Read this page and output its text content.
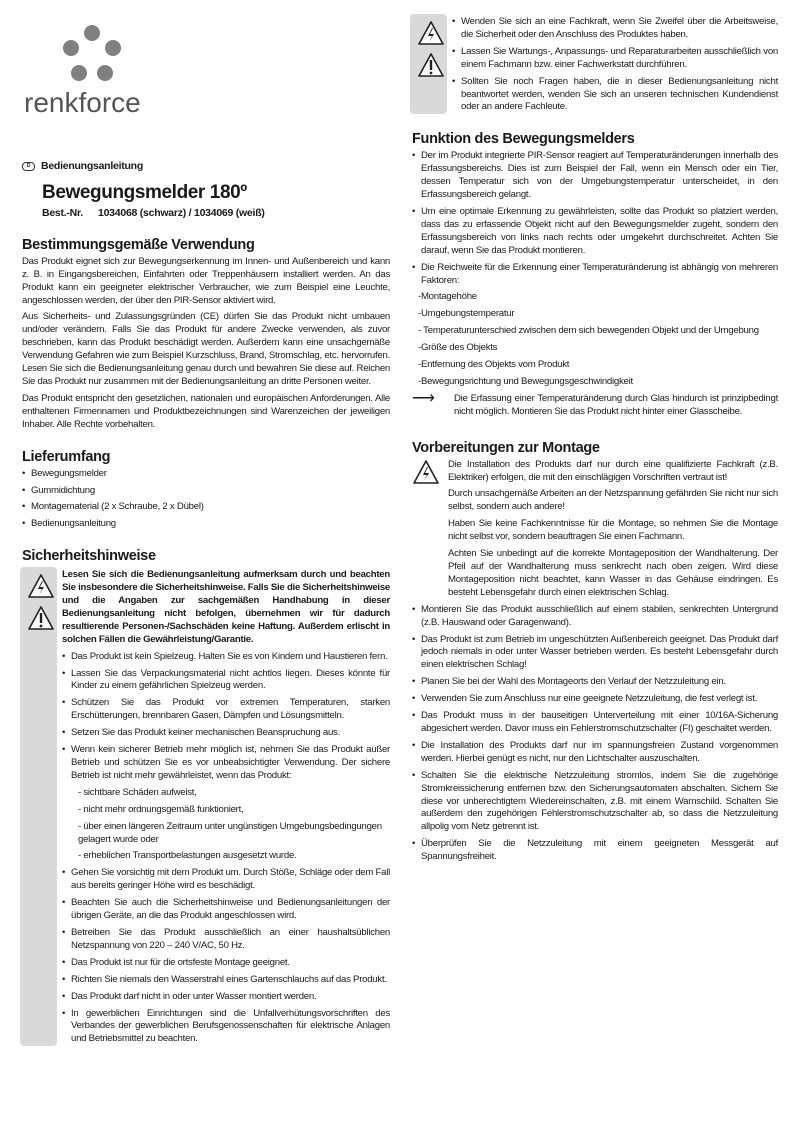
renkforce
D	Bedienungsanleitung
Bewegungsmelder 180º
Best.-Nr. 1034068 (schwarz) / 1034069 (weiß)
Bestimmungsgemäße Verwendung

Das Produkt eignet sich zur Bewegungserkennung im Innen- und Außenbereich und kann z. B. in Eingangsbereichen, Einfahrten oder Treppenhäusern installiert werden. An das Produkt kann ein geeigneter elektrischer Verbraucher, wie zum Beispiel eine Leuchte, angeschlossen werden, der über den PIR-Sensor aktiviert wird.

Aus Sicherheits- und Zulassungsgründen (CE) dürfen Sie das Produkt nicht umbauen und/oder verändern. Falls Sie das Produkt für andere Zwecke verwenden, als zuvor beschrieben, kann das Produkt beschädigt werden. Außerdem kann eine unsachgemäße Verwendung Gefahren wie zum Beispiel Kurzschluss, Brand, Stromschlag, etc. hervorrufen. Lesen Sie sich die Bedienungsanleitung genau durch und bewahren Sie diese auf. Reichen Sie das Produkt nur zusammen mit der Bedienungsanleitung an dritte Personen weiter.

Das Produkt entspricht den gesetzlichen, nationalen und europäischen Anforderungen. Alle enthaltenen Firmennamen und Produktbezeichnungen sind Warenzeichen der jeweiligen Inhaber. Alle Rechte vorbehalten.

Lieferumfang
• Bewegungsmelder
• Gummidichtung
• Montagematerial (2 x Schraube, 2 x Dübel)
• Bedienungsanleitung
Sicherheitshinweise

Lesen Sie sich die Bedienungsanleitung aufmerksam durch und beachten Sie insbesondere die Sicherheitshinweise. Falls Sie die Sicherheitshinweise und die Angaben zur sachgemäßen Handhabung in dieser Bedienungsanleitung nicht befolgen, übernehmen wir für dadurch resultierende Personen-/Sachschäden keine Haftung. Außerdem erlischt in solchen Fällen die Gewährleistung/Garantie.

• Das Produkt ist kein Spielzeug. Halten Sie es von Kindern und Haustieren fern.
• Lassen Sie das Verpackungsmaterial nicht achtlos liegen. Dieses könnte für Kinder zu einem gefährlichen Spielzeug werden.
• Schützen Sie das Produkt vor extremen Temperaturen, starken Erschütterungen, brennbaren Gasen, Dämpfen und Lösungsmitteln.
• Setzen Sie das Produkt keiner mechanischen Beanspruchung aus.
• Wenn kein sicherer Betrieb mehr möglich ist, nehmen Sie das Produkt außer Betrieb und schützen Sie es vor unbeabsichtigter Verwendung. Der sichere Betrieb ist nicht mehr gewährleistet, wenn das Produkt:
- sichtbare Schäden aufweist,
- nicht mehr ordnungsgemäß funktioniert,
- über einen längeren Zeitraum unter ungünstigen Umgebungsbedingungen gelagert wurde oder
- erheblichen Transportbelastungen ausgesetzt wurde.
• Gehen Sie vorsichtig mit dem Produkt um. Durch Stöße, Schläge oder dem Fall aus bereits geringer Höhe wird es beschädigt.
• Beachten Sie auch die Sicherheitshinweise und Bedienungsanleitungen der übrigen Geräte, an die das Produkt angeschlossen wird.
• Betreiben Sie das Produkt ausschließlich an einer haushaltsüblichen Netzspannung von 220 – 240 V/AC, 50 Hz.
• Das Produkt ist nur für die ortsfeste Montage geeignet.
• Richten Sie niemals den Wasserstrahl eines Gartenschlauchs auf das Produkt.
• Das Produkt darf nicht in oder unter Wasser montiert werden.
• In gewerblichen Einrichtungen sind die Unfallverhütungsvorschriften des Verbandes der gewerblichen Berufsgenossenschaften für elektrische Anlagen und Betriebsmittel zu beachten.
• Wenden Sie sich an eine Fachkraft, wenn Sie Zweifel über die Arbeitsweise, die Sicherheit oder den Anschluss des Produktes haben.
• Lassen Sie Wartungs-, Anpassungs- und Reparaturarbeiten ausschließlich von einem Fachmann bzw. einer Fachwerkstatt durchführen.
• Sollten Sie noch Fragen haben, die in dieser Bedienungsanleitung nicht beantwortet werden, wenden Sie sich an unseren technischen Kundendienst oder an andere Fachleute.
Funktion des Bewegungsmelders
• Der im Produkt integrierte PIR-Sensor reagiert auf Temperaturänderungen innerhalb des Erfassungsbereichs. Dies ist zum Beispiel der Fall, wenn ein Mensch oder ein Tier, dessen Temperatur sich von der Umgebungstemperatur unterscheidet, in den Erfassungsbereich gelangt.
• Um eine optimale Erkennung zu gewährleisten, sollte das Produkt so platziert werden, dass das zu erfassende Objekt nicht auf den Bewegungsmelder zugeht, sondern den Erfassungsbereich von links nach rechts oder umgekehrt durchschreitet. Achten Sie darauf, wenn Sie das Produkt montieren.
• Die Reichweite für die Erkennung einer Temperaturänderung ist abhängig von mehreren Faktoren:
-Montagehöhe
-Umgebungstemperatur
- Temperaturunterschied zwischen dem sich bewegenden Objekt und der Umgebung
-Größe des Objekts
-Entfernung des Objekts vom Produkt
-Bewegungsrichtung und Bewegungsgeschwindigkeit
⟶	Die Erfassung einer Temperaturänderung durch Glas hindurch ist prinzipbedingt nicht möglich. Montieren Sie das Produkt nicht hinter einer Glasscheibe.

Vorbereitungen zur Montage

Die Installation des Produkts darf nur durch eine qualifizierte Fachkraft (z.B. Elektriker) erfolgen, die mit den einschlägigen Vorschriften vertraut ist!

Durch unsachgemäße Arbeiten an der Netzspannung gefährden Sie nicht nur sich selbst, sondern auch andere!

Haben Sie keine Fachkenntnisse für die Montage, so nehmen Sie die Montage nicht selbst vor, sondern beauftragen Sie einen Fachmann.

Achten Sie unbedingt auf die korrekte Montageposition der Wandhalterung. Der Pfeil auf der Wandhalterung muss senkrecht nach oben zeigen. Wird diese Montageposition nicht beachtet, kann Wasser in das Gehäuse eindringen. Es besteht Lebensgefahr durch einen elektrischen Schlag.

• Montieren Sie das Produkt ausschließlich auf einem stabilen, senkrechten Untergrund (z.B. Hauswand oder Garagenwand).
• Das Produkt ist zum Betrieb im ungeschützten Außenbereich geeignet. Das Produkt darf jedoch niemals in oder unter Wasser betrieben werden. Es besteht Lebensgefahr durch einen elektrischen Schlag!
• Planen Sie bei der Wahl des Montageorts den Verlauf der Netzzuleitung ein.
• Verwenden Sie zum Anschluss nur eine geeignete Netzzuleitung, die fest verlegt ist.
• Das Produkt muss in der bauseitigen Unterverteilung mit einer 10/16A-Sicherung abgesichert werden. Davor muss ein Fehlerstromschutzschalter (FI) geschaltet werden.
• Die Installation des Produkts darf nur im spannungsfreien Zustand vorgenommen werden. Hierbei genügt es nicht, nur den Lichtschalter auszuschalten.
• Schalten Sie die elektrische Netzzuleitung stromlos, indem Sie die zugehörige Stromkreissicherung entfernen bzw. den Sicherungsautomaten abschalten. Sichern Sie diese vor unberechtigtem Wiedereinschalten, z.B. mit einem Warnschild. Schalten Sie außerdem den zugehörigen Fehlerstromschutzschalter ab, so dass die Netzzuleitung allpolig vom Netz getrennt ist.
• Überprüfen Sie die Netzzuleitung mit einem geeigneten Messgerät auf Spannungsfreiheit.
